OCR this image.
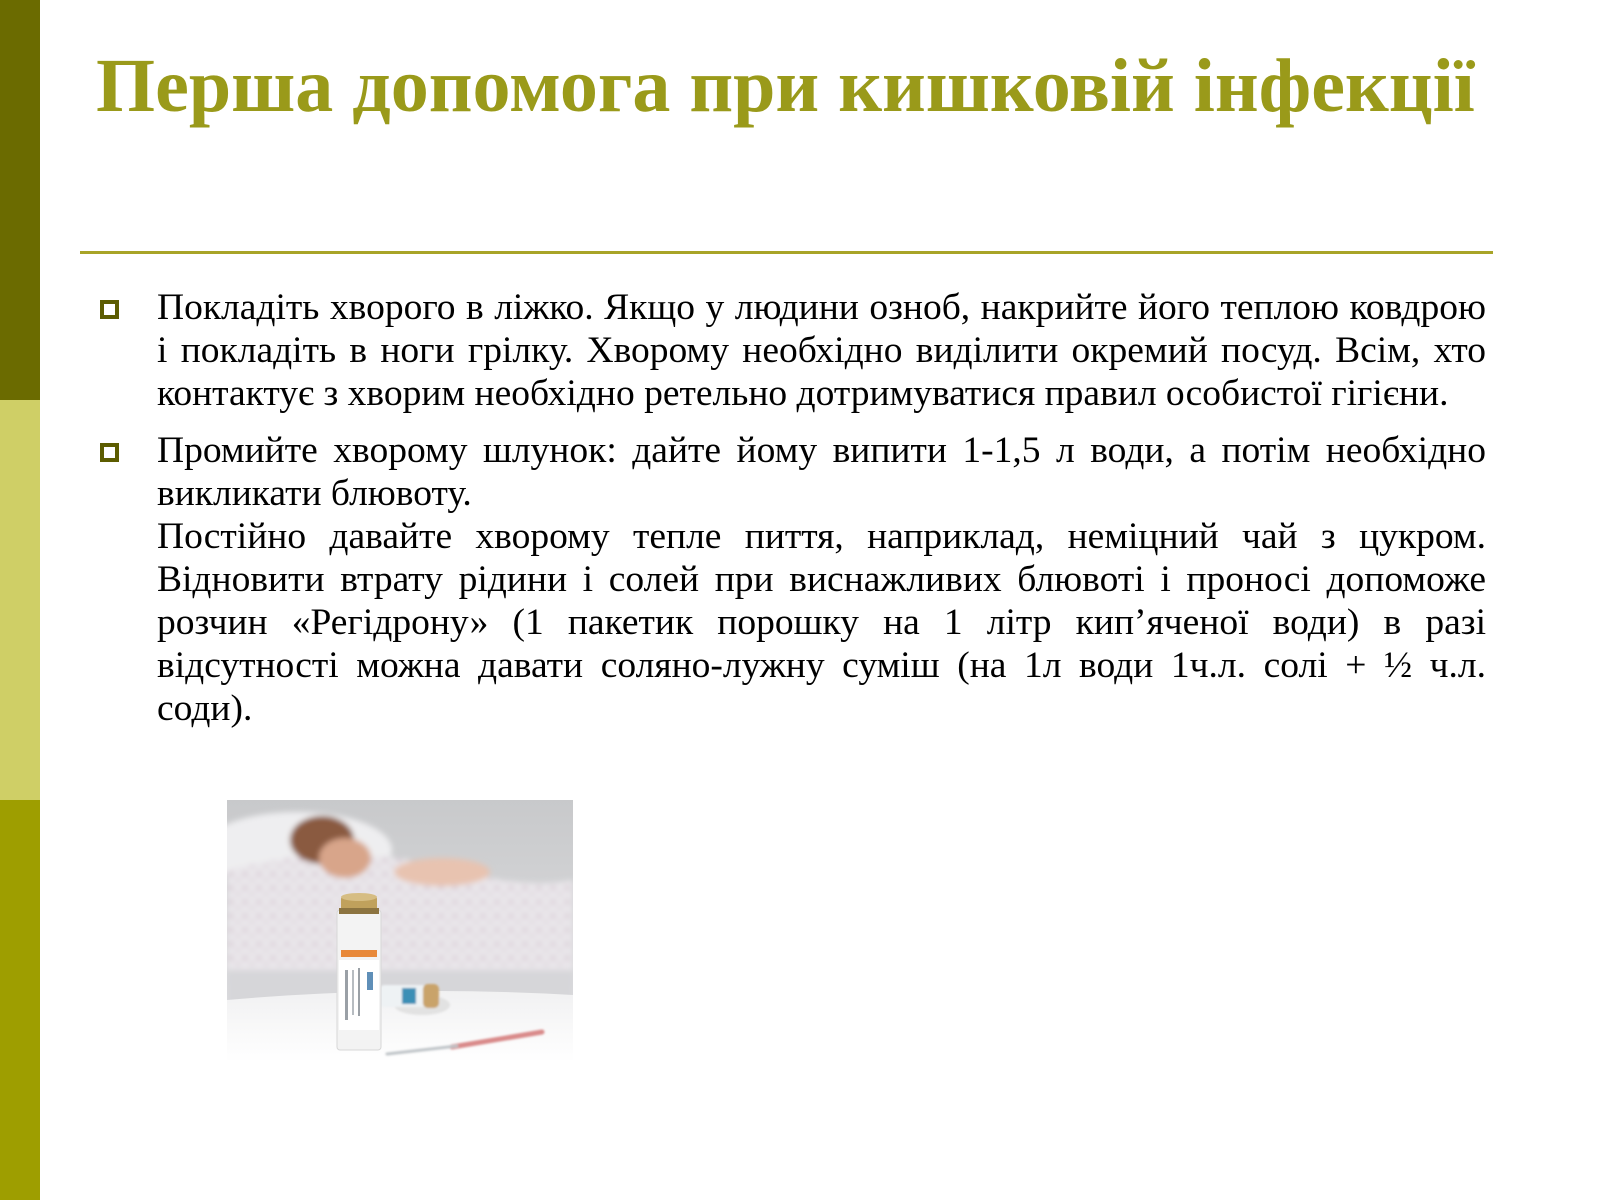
Перша допомога при кишковій інфекції
Покладіть хворого в ліжко. Якщо у людини озноб, накрийте його теплою ковдрою і покладіть в ноги грілку. Хворому необхідно виділити окремий посуд. Всім, хто контактує з хворим необхідно ретельно дотримуватися правил особистої гігієни.
Промийте хворому шлунок: дайте йому випити 1-1,5 л води, а потім необхідно викликати блювоту.
Постійно давайте хворому тепле пиття, наприклад, неміцний чай з цукром. Відновити втрату рідини і солей при виснажливих блювоті і проносі допоможе розчин «Регідрону» (1 пакетик порошку на 1 літр кип’яченої води) в разі відсутності можна давати соляно-лужну суміш (на 1л води 1ч.л. солі + ½ ч.л. соди).
